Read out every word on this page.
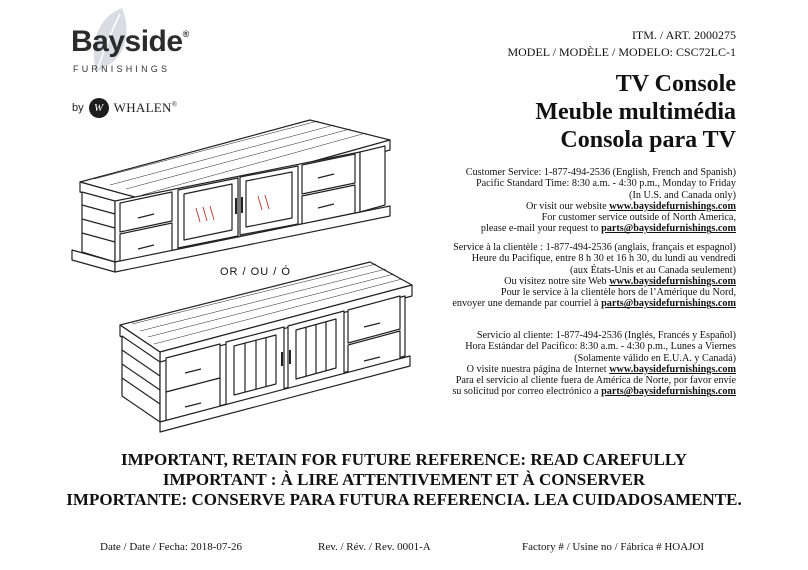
Bayside®
FURNISHINGS
by W WHALEN®
ITM. / ART. 2000275
MODEL / MODÈLE / MODELO: CSC72LC-1
TV Console
Meuble multimédia
Consola para TV
Customer Service: 1-877-494-2536 (English, French and Spanish)
Pacific Standard Time: 8:30 a.m. - 4:30 p.m., Monday to Friday
(In U.S. and Canada only)
Or visit our website www.baysidefurnishings.com
For customer service outside of North America,
please e-mail your request to parts@baysidefurnishings.com
Service à la clientèle : 1-877-494-2536 (anglais, français et espagnol)
Heure du Pacifique, entre 8 h 30 et 16 h 30, du lundi au vendredi
(aux États-Unis et au Canada seulement)
Ou visitez notre site Web www.baysidefurnishings.com
Pour le service à la clientèle hors de l’Amérique du Nord,
envoyer une demande par courriel à parts@baysidefurnishings.com
Servicio al cliente: 1-877-494-2536 (Inglés, Francés y Español)
Hora Estándar del Pacífico: 8:30 a.m. - 4:30 p.m., Lunes a Viernes
(Solamente válido en E.U.A. y Canadá)
O visite nuestra página de Internet www.baysidefurnishings.com
Para el servicio al cliente fuera de América de Norte, por favor envíe
su solicitud por correo electrónico a parts@baysidefurnishings.com
OR / OU / Ó
IMPORTANT, RETAIN FOR FUTURE REFERENCE: READ CAREFULLY
IMPORTANT : À LIRE ATTENTIVEMENT ET À CONSERVER
IMPORTANTE: CONSERVE PARA FUTURA REFERENCIA. LEA CUIDADOSAMENTE.
Date / Date / Fecha: 2018-07-26	Rev. / Rév. / Rev. 0001-A	Factory # / Usine no / Fábrica # HOAJOI
